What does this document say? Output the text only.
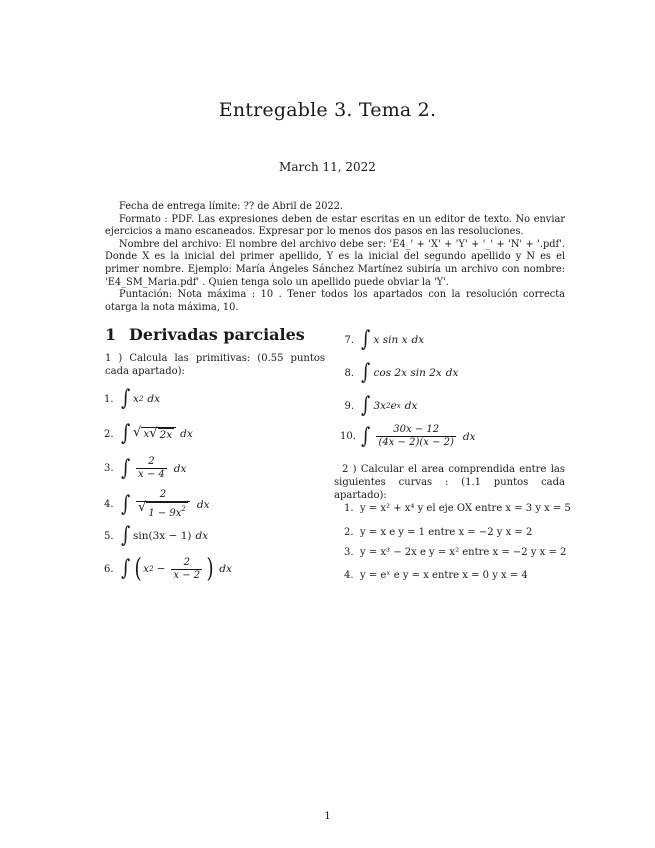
Entregable 3. Tema 2.
March 11, 2022

Fecha de entrega límite: ?? de Abril de 2022.

Formato : PDF. Las expresiones deben de estar escritas en un editor de texto. No enviar ejercicios a mano escaneados. Expresar por lo menos dos pasos en las resoluciones.

Nombre del archivo: El nombre del archivo debe ser: 'E4_' + 'X' + 'Y' + '_' + 'N' + '.pdf'. Donde X es la inicial del primer apellido, Y es la inicial del segundo apellido y N es el primer nombre. Ejemplo: María Ángeles Sánchez Martínez subiría un archivo con nombre: 'E4_SM_Maria.pdf' . Quien tenga solo un apellido puede obviar la 'Y'.

Puntación: Nota máxima : 10 . Tener todos los apartados con la resolución correcta otarga la nota máxima, 10.

1 Derivadas parciales

1 ) Calcula las primitivas: (0.55 puntos cada apartado):

1. ∫ x 2 dx
2. ∫ √ x √ 2x dx
3. ∫ $\frac{2}{x - 4}$ dx
4. ∫ $\frac{2}{√ 1 - 9x^2}$ dx
5. ∫ sin(3x − 1) dx
6. ∫ ( x $2 - \frac{2}{x - 2}$ ) dx
7. ∫ x sin x dx
8. ∫ cos 2x sin 2x dx
9. ∫ 3x 2 e x dx
10. ∫ $\frac{30x - 12}{(4x - 2)(x - 2)}$ dx

2 ) Calcular el area comprendida entre las siguientes curvas : (1.1 puntos cada apartado):

1. y = x² + x⁴ y el eje OX entre x = 3 y x = 5
2. y = x e y = 1 entre x = −2 y x = 2
3. y = x³ − 2x e y = x² entre x = −2 y x = 2
4. y = eˣ e y = x entre x = 0 y x = 4
1
